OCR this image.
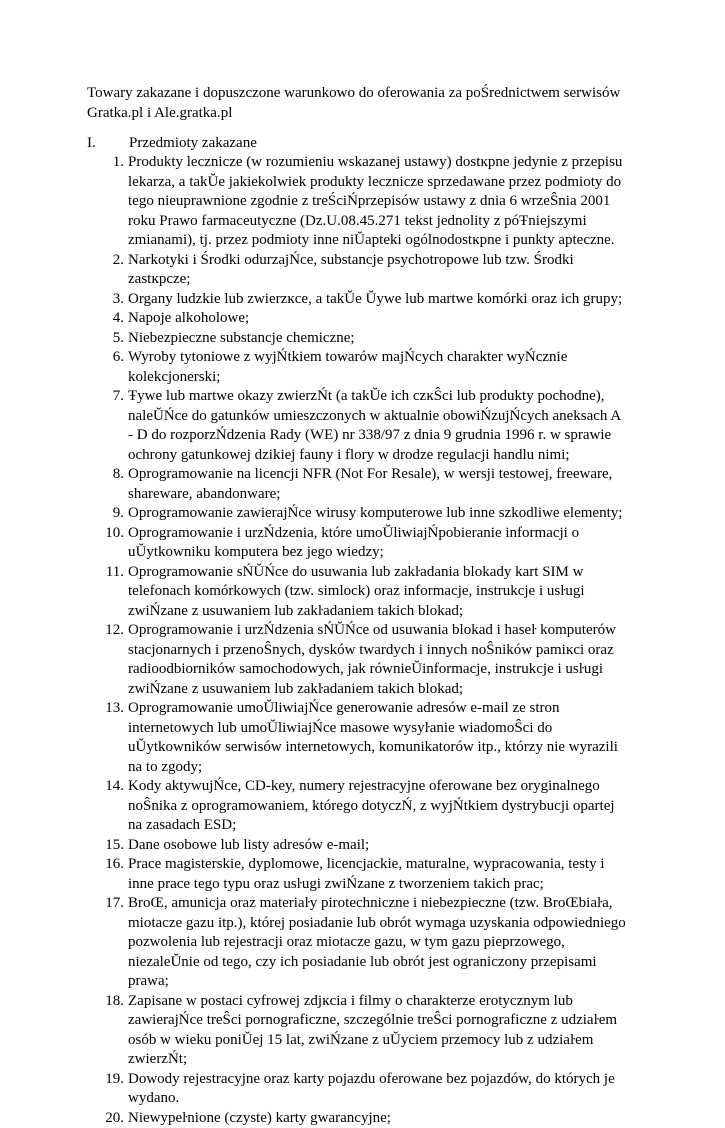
Towary zakazane i dopuszczone warunkowo do oferowania za poŚrednictwem serwisów Gratka.pl i Ale.gratka.pl
I. Przedmioty zakazane
1. Produkty lecznicze (w rozumieniu wskazanej ustawy) dostĸpne jedynie z przepisu lekarza, a takŬe jakiekolwiek produkty lecznicze sprzedawane przez podmioty do tego nieuprawnione zgodnie z treŚciŃprzepisów ustawy z dnia 6 wrzeŜnia 2001 roku Prawo farmaceutyczne (Dz.U.08.45.271 tekst jednolity z póŦniejszymi zmianami), tj. przez podmioty inne niŬapteki ogólnodostĸpne i punkty apteczne.
2. Narkotyki i Środki odurzajŃce, substancje psychotropowe lub tzw. Środki zastĸpcze;
3. Organy ludzkie lub zwierzĸce, a takŬe Ŭywe lub martwe komórki oraz ich grupy;
4. Napoje alkoholowe;
5. Niebezpieczne substancje chemiczne;
6. Wyroby tytoniowe z wyjŃtkiem towarów majŃcych charakter wyŃcznie kolekcjonerski;
7. Ŧywe lub martwe okazy zwierzŃt (a takŬe ich czĸŜci lub produkty pochodne), naleŬŃce do gatunków umieszczonych w aktualnie obowiŃzujŃcych aneksach A - D do rozporzŃdzenia Rady (WE) nr 338/97 z dnia 9 grudnia 1996 r. w sprawie ochrony gatunkowej dzikiej fauny i flory w drodze regulacji handlu nimi;
8. Oprogramowanie na licencji NFR (Not For Resale), w wersji testowej, freeware, shareware, abandonware;
9. Oprogramowanie zawierajŃce wirusy komputerowe lub inne szkodliwe elementy;
10. Oprogramowanie i urzŃdzenia, które umoŬliwiajŃpobieranie informacji o uŬytkowniku komputera bez jego wiedzy;
11. Oprogramowanie sŃŬŃce do usuwania lub zakŀadania blokady kart SIM w telefonach komórkowych (tzw. simlock) oraz informacje, instrukcje i usŀugi zwiŃzane z usuwaniem lub zakŀadaniem takich blokad;
12. Oprogramowanie i urzŃdzenia sŃŬŃce od usuwania blokad i haseŀ komputerów stacjonarnych i przenoŜnych, dysków twardych i innych noŜników pamiĸci oraz radioodbiorników samochodowych, jak równieŬinformacje, instrukcje i usŀugi zwiŃzane z usuwaniem lub zakŀadaniem takich blokad;
13. Oprogramowanie umoŬliwiajŃce generowanie adresów e-mail ze stron internetowych lub umoŬliwiajŃce masowe wysyŀanie wiadomoŜci do uŬytkowników serwisów internetowych, komunikatorów itp., którzy nie wyrazili na to zgody;
14. Kody aktywujŃce, CD-key, numery rejestracyjne oferowane bez oryginalnego noŜnika z oprogramowaniem, którego dotyczŃ, z wyjŃtkiem dystrybucji opartej na zasadach ESD;
15. Dane osobowe lub listy adresów e-mail;
16. Prace magisterskie, dyplomowe, licencjackie, maturalne, wypracowania, testy i inne prace tego typu oraz usŀugi zwiŃzane z tworzeniem takich prac;
17. BroŒ, amunicja oraz materiaŀy pirotechniczne i niebezpieczne (tzw. BroŒbiaŀa, miotacze gazu itp.), której posiadanie lub obrót wymaga uzyskania odpowiedniego pozwolenia lub rejestracji oraz miotacze gazu, w tym gazu pieprzowego, niezaleŬnie od tego, czy ich posiadanie lub obrót jest ograniczony przepisami prawa;
18. Zapisane w postaci cyfrowej zdjĸcia i filmy o charakterze erotycznym lub zawierajŃce treŜci pornograficzne, szczególnie treŜci pornograficzne z udziaŀem osób w wieku poniŬej 15 lat, zwiŃzane z uŬyciem przemocy lub z udziaŀem zwierzŃt;
19. Dowody rejestracyjne oraz karty pojazdu oferowane bez pojazdów, do których je wydano.
20. Niewypeŀnione (czyste) karty gwarancyjne;
